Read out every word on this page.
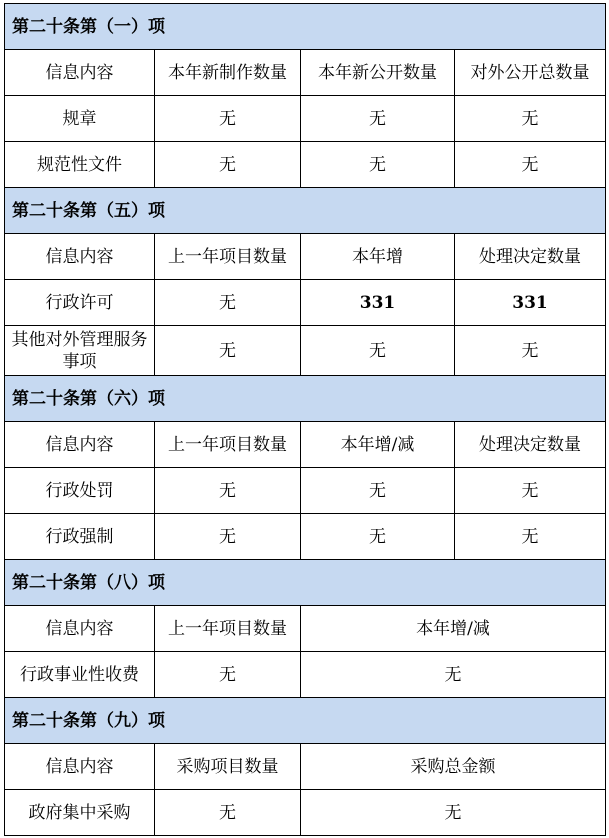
第二十条第（一）项			
信息内容	本年新制作数量	本年新公开数量	对外公开总数量
规章	无	无	无
规范性文件	无	无	无
第二十条第（五）项			
信息内容	上一年项目数量	本年增	处理决定数量
行政许可	无	331	331
其他对外管理服务事项	无	无	无
第二十条第（六）项			
信息内容	上一年项目数量	本年增/减	处理决定数量
行政处罚	无	无	无
行政强制	无	无	无
第二十条第（八）项			
信息内容	上一年项目数量	本年增/减	
行政事业性收费	无	无	
第二十条第（九）项			
信息内容	采购项目数量	采购总金额	
政府集中采购	无	无	
